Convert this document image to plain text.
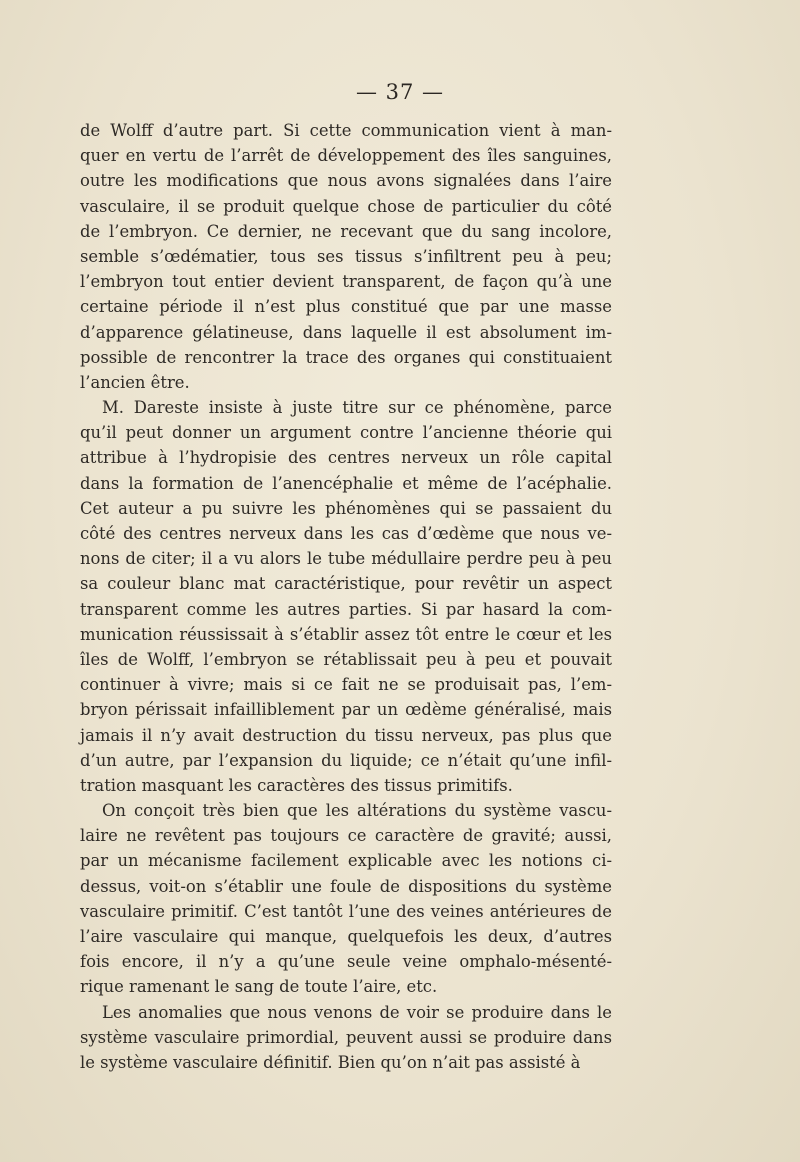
— 37 —
de Wolff d’autre part. Si cette communication vient à man-
quer en vertu de l’arrêt de développement des îles sanguines,
outre les modifications que nous avons signalées dans l’aire
vasculaire, il se produit quelque chose de particulier du côté
de l’embryon. Ce dernier, ne recevant que du sang incolore,
semble s’œdématier, tous ses tissus s’infiltrent peu à peu;
l’embryon tout entier devient transparent, de façon qu’à une
certaine période il n’est plus constitué que par une masse
d’apparence gélatineuse, dans laquelle il est absolument im-
possible de rencontrer la trace des organes qui constituaient
l’ancien être.
M. Dareste insiste à juste titre sur ce phénomène, parce
qu’il peut donner un argument contre l’ancienne théorie qui
attribue à l’hydropisie des centres nerveux un rôle capital
dans la formation de l’anencéphalie et même de l’acéphalie.
Cet auteur a pu suivre les phénomènes qui se passaient du
côté des centres nerveux dans les cas d’œdème que nous ve-
nons de citer; il a vu alors le tube médullaire perdre peu à peu
sa couleur blanc mat caractéristique, pour revêtir un aspect
transparent comme les autres parties. Si par hasard la com-
munication réussissait à s’établir assez tôt entre le cœur et les
îles de Wolff, l’embryon se rétablissait peu à peu et pouvait
continuer à vivre; mais si ce fait ne se produisait pas, l’em-
bryon périssait infailliblement par un œdème généralisé, mais
jamais il n’y avait destruction du tissu nerveux, pas plus que
d’un autre, par l’expansion du liquide; ce n’était qu’une infil-
tration masquant les caractères des tissus primitifs.
On conçoit très bien que les altérations du système vascu-
laire ne revêtent pas toujours ce caractère de gravité; aussi,
par un mécanisme facilement explicable avec les notions ci-
dessus, voit-on s’établir une foule de dispositions du système
vasculaire primitif. C’est tantôt l’une des veines antérieures de
l’aire vasculaire qui manque, quelquefois les deux, d’autres
fois encore, il n’y a qu’une seule veine omphalo-mésenté-
rique ramenant le sang de toute l’aire, etc.
Les anomalies que nous venons de voir se produire dans le
système vasculaire primordial, peuvent aussi se produire dans
le système vasculaire définitif. Bien qu’on n’ait pas assisté à
